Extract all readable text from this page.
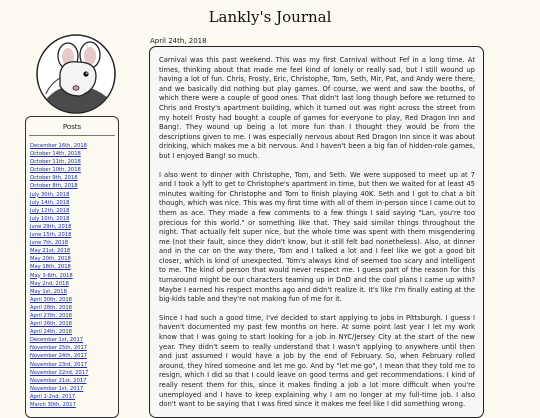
Lankly's Journal
Posts
December 16th, 2018
October 14th, 2018
October 11th, 2018
October 10th, 2018
October 9th, 2018
October 8th, 2018
July 30th, 2018
July 14th, 2018
July 12th, 2018
July 10th, 2018
June 29th, 2018
June 15th, 2018
June 7th, 2018
May 21st, 2018
May 20th, 2018
May 18th, 2018
May 3-6th, 2018
May 2nd, 2018
May 1st, 2018
April 30th, 2018
April 28th, 2018
April 27th, 2018
April 26th, 2018
April 24th, 2018
December 1st, 2017
November 25th, 2017
November 24th, 2017
November 23rd, 2017
November 22nd, 2017
November 21st, 2017
November 1st, 2017
April 1-2nd, 2017
March 30th, 2017
April 24th, 2018

Carnival was this past weekend. This was my first Carnival without Fef in a long time. At times, thinking about that made me feel kind of lonely or really sad, but I still wound up having a lot of fun. Chris, Frosty, Eric, Christophe, Tom, Seth, Mir, Pat, and Andy were there, and we basically did nothing but play games. Of course, we went and saw the booths, of which there were a couple of good ones. That didn't last long though before we returned to Chris and Frosty's apartment building, which it turned out was right across the street from my hotel! Frosty had bought a couple of games for everyone to play, Red Dragon Inn and Bang!. They wound up being a lot more fun than I thought they would be from the descriptions given to me. I was especially nervous about Red Dragon Inn since it was about drinking, which makes me a bit nervous. And I haven't been a big fan of hidden-role games, but I enjoyed Bang! so much.

I also went to dinner with Christophe, Tom, and Seth. We were supposed to meet up at 7 and I took a lyft to get to Christophe's apartment in time, but then we waited for at least 45 minutes waiting for Christophe and Tom to finish playing 40K. Seth and I got to chat a bit though, which was nice. This was my first time with all of them in-person since I came out to them as ace. They made a few comments to a few things I said saying "Lan, you're too precious for this world." or something like that. They said similar things throughout the night. That actually felt super nice, but the whole time was spent with them misgendering me (not their fault, since they didn't know, but it still felt bad nonetheless). Also, at dinner and in the car on the way there, Tom and I talked a lot and I feel like we got a good bit closer, which is kind of unexpected. Tom's always kind of seemed too scary and intelligent to me. The kind of person that would never respect me. I guess part of the reason for this turnaround might be our characters teaming up in DnD and the cool plans I came up with? Maybe I earned his respect months ago and didn't realize it. It's like I'm finally eating at the big-kids table and they're not making fun of me for it.

Since I had such a good time, I've decided to start applying to jobs in Pittsburgh. I guess I haven't documented my past few months on here. At some point last year I let my work know that I was going to start looking for a job in NYC/Jersey City at the start of the new year. They didn't seem to really understand that I wasn't applying to anywhere until then and just assumed I would have a job by the end of February. So, when February rolled around, they hired someone and let me go. And by "let me go", I mean that they told me to resign, which I did so that I could leave on good terms and get recommendations. I kind of really resent them for this, since it makes finding a job a lot more difficult when you're unemployed and I have to keep explaining why I am no longer at my full-time job. I also don't want to be saying that I was fired since it makes me feel like I did something wrong.
